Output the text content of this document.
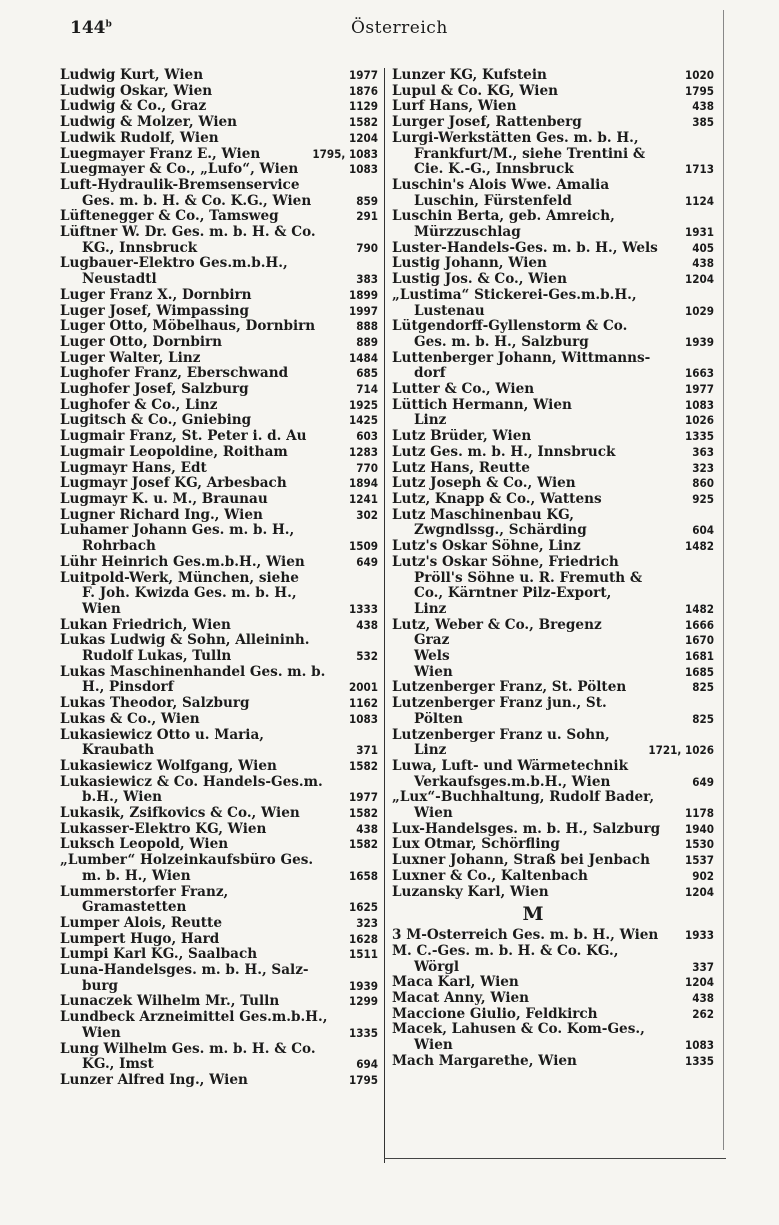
144$^b$	Österreich
Ludwig Kurt, Wien	1977
Ludwig Oskar, Wien	1876
Ludwig & Co., Graz	1129
Ludwig & Molzer, Wien	1582
Ludwik Rudolf, Wien	1204
Luegmayer Franz E., Wien	1795, 1083
Luegmayer & Co., „Lufo“, Wien	1083
Luft-Hydraulik-Bremsenservice
Ges. m. b. H. & Co. K.G., Wien	859
Lüftenegger & Co., Tamsweg	291
Lüftner W. Dr. Ges. m. b. H. & Co.
KG., Innsbruck	790
Lugbauer-Elektro Ges.m.b.H.,
Neustadtl	383
Luger Franz X., Dornbirn	1899
Luger Josef, Wimpassing	1997
Luger Otto, Möbelhaus, Dornbirn	888
Luger Otto, Dornbirn	889
Luger Walter, Linz	1484
Lughofer Franz, Eberschwand	685
Lughofer Josef, Salzburg	714
Lughofer & Co., Linz	1925
Lugitsch & Co., Gniebing	1425
Lugmair Franz, St. Peter i. d. Au	603
Lugmair Leopoldine, Roitham	1283
Lugmayr Hans, Edt	770
Lugmayr Josef KG, Arbesbach	1894
Lugmayr K. u. M., Braunau	1241
Lugner Richard Ing., Wien	302
Luhamer Johann Ges. m. b. H.,
Rohrbach	1509
Lühr Heinrich Ges.m.b.H., Wien	649
Luitpold-Werk, München, siehe
F. Joh. Kwizda Ges. m. b. H.,
Wien	1333
Lukan Friedrich, Wien	438
Lukas Ludwig & Sohn, Alleininh.
Rudolf Lukas, Tulln	532
Lukas Maschinenhandel Ges. m. b.
H., Pinsdorf	2001
Lukas Theodor, Salzburg	1162
Lukas & Co., Wien	1083
Lukasiewicz Otto u. Maria,
Kraubath	371
Lukasiewicz Wolfgang, Wien	1582
Lukasiewicz & Co. Handels-Ges.m.
b.H., Wien	1977
Lukasik, Zsifkovics & Co., Wien	1582
Lukasser-Elektro KG, Wien	438
Luksch Leopold, Wien	1582
„Lumber“ Holzeinkaufsbüro Ges.
m. b. H., Wien	1658
Lummerstorfer Franz,
Gramastetten	1625
Lumper Alois, Reutte	323
Lumpert Hugo, Hard	1628
Lumpi Karl KG., Saalbach	1511
Luna-Handelsges. m. b. H., Salz-
burg	1939
Lunaczek Wilhelm Mr., Tulln	1299
Lundbeck Arzneimittel Ges.m.b.H.,
Wien	1335
Lung Wilhelm Ges. m. b. H. & Co.
KG., Imst	694
Lunzer Alfred Ing., Wien	1795
Lunzer KG, Kufstein	1020
Lupul & Co. KG, Wien	1795
Lurf Hans, Wien	438
Lurger Josef, Rattenberg	385
Lurgi-Werkstätten Ges. m. b. H.,
Frankfurt/M., siehe Trentini &
Cie. K.-G., Innsbruck	1713
Luschin's Alois Wwe. Amalia
Luschin, Fürstenfeld	1124
Luschin Berta, geb. Amreich,
Mürzzuschlag	1931
Luster-Handels-Ges. m. b. H., Wels	405
Lustig Johann, Wien	438
Lustig Jos. & Co., Wien	1204
„Lustima“ Stickerei-Ges.m.b.H.,
Lustenau	1029
Lütgendorff-Gyllenstorm & Co.
Ges. m. b. H., Salzburg	1939
Luttenberger Johann, Wittmanns-
dorf	1663
Lutter & Co., Wien	1977
Lüttich Hermann, Wien	1083
Linz	1026
Lutz Brüder, Wien	1335
Lutz Ges. m. b. H., Innsbruck	363
Lutz Hans, Reutte	323
Lutz Joseph & Co., Wien	860
Lutz, Knapp & Co., Wattens	925
Lutz Maschinenbau KG,
Zwgndlssg., Schärding	604
Lutz's Oskar Söhne, Linz	1482
Lutz's Oskar Söhne, Friedrich
Pröll's Söhne u. R. Fremuth &
Co., Kärntner Pilz-Export,
Linz	1482
Lutz, Weber & Co., Bregenz	1666
Graz	1670
Wels	1681
Wien	1685
Lutzenberger Franz, St. Pölten	825
Lutzenberger Franz jun., St.
Pölten	825
Lutzenberger Franz u. Sohn,
Linz	1721, 1026
Luwa, Luft- und Wärmetechnik
Verkaufsges.m.b.H., Wien	649
„Lux“-Buchhaltung, Rudolf Bader,
Wien	1178
Lux-Handelsges. m. b. H., Salzburg	1940
Lux Otmar, Schörfling	1530
Luxner Johann, Straß bei Jenbach	1537
Luxner & Co., Kaltenbach	902
Luzansky Karl, Wien	1204
M
3 M-Österreich Ges. m. b. H., Wien	1933
M. C.-Ges. m. b. H. & Co. KG.,
Wörgl	337
Maca Karl, Wien	1204
Macat Anny, Wien	438
Maccione Giulio, Feldkirch	262
Macek, Lahusen & Co. Kom-Ges.,
Wien	1083
Mach Margarethe, Wien	1335
